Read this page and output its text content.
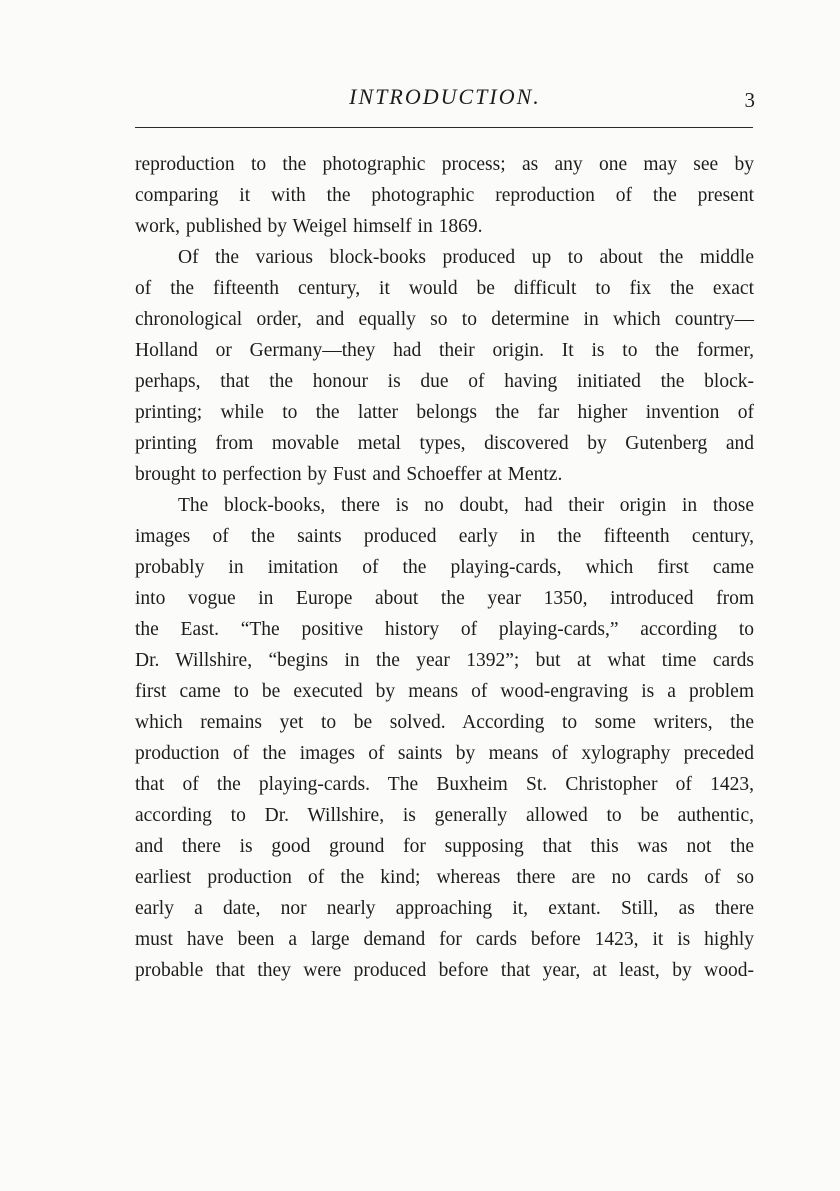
INTRODUCTION.	3
reproduction to the photographic process; as any one may see by
comparing it with the photographic reproduction of the present
work, published by Weigel himself in 1869.
Of the various block-books produced up to about the middle
of the fifteenth century, it would be difficult to fix the exact
chronological order, and equally so to determine in which country—
Holland or Germany—they had their origin. It is to the former,
perhaps, that the honour is due of having initiated the block-
printing; while to the latter belongs the far higher invention of
printing from movable metal types, discovered by Gutenberg and
brought to perfection by Fust and Schoeffer at Mentz.
The block-books, there is no doubt, had their origin in those
images of the saints produced early in the fifteenth century,
probably in imitation of the playing-cards, which first came
into vogue in Europe about the year 1350, introduced from
the East. “The positive history of playing-cards,” according to
Dr. Willshire, “begins in the year 1392”; but at what time cards
first came to be executed by means of wood-engraving is a problem
which remains yet to be solved. According to some writers, the
production of the images of saints by means of xylography preceded
that of the playing-cards. The Buxheim St. Christopher of 1423,
according to Dr. Willshire, is generally allowed to be authentic,
and there is good ground for supposing that this was not the
earliest production of the kind; whereas there are no cards of so
early a date, nor nearly approaching it, extant. Still, as there
must have been a large demand for cards before 1423, it is highly
probable that they were produced before that year, at least, by wood-
